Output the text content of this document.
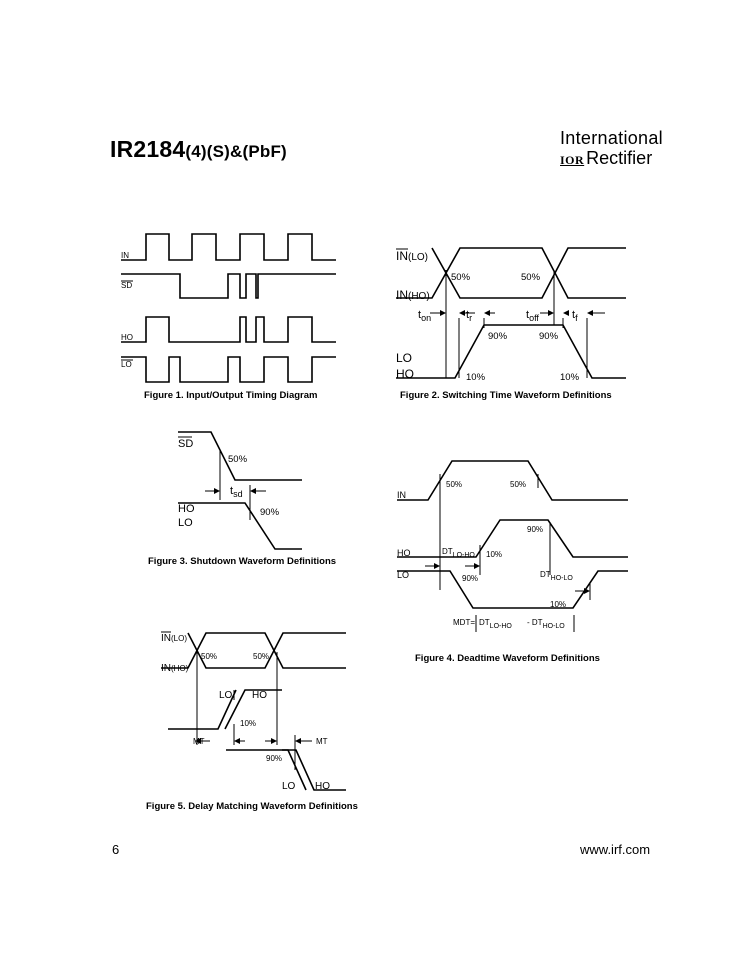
IR2184(4)(S)&(PbF)
International
IOR Rectifier
IN
SD
HO
LO
Figure 1. Input/Output Timing Diagram
IN(LO)
IN(HO)
50%	50%
$t_{on}$	$t_r$	$t_{off}$	$t_f$
90%	90%
LO
HO	10%	10%
Figure 2. Switching Time Waveform Definitions
SD
50%
$t_{sd}$
HO
LO
90%
Figure 3. Shutdown Waveform Definitions
IN
50%	50%
90%
HO	DTLO-HO 10%
LO	90%	DTHO-LO
10%
MDT= DTLO-HO - DTHO-LO
Figure 4. Deadtime Waveform Definitions
IN(LO)
IN(HO)
50%	50%
LO HO
10%
MT	MT
90%
LO HO
Figure 5. Delay Matching Waveform Definitions
6	www.irf.com
